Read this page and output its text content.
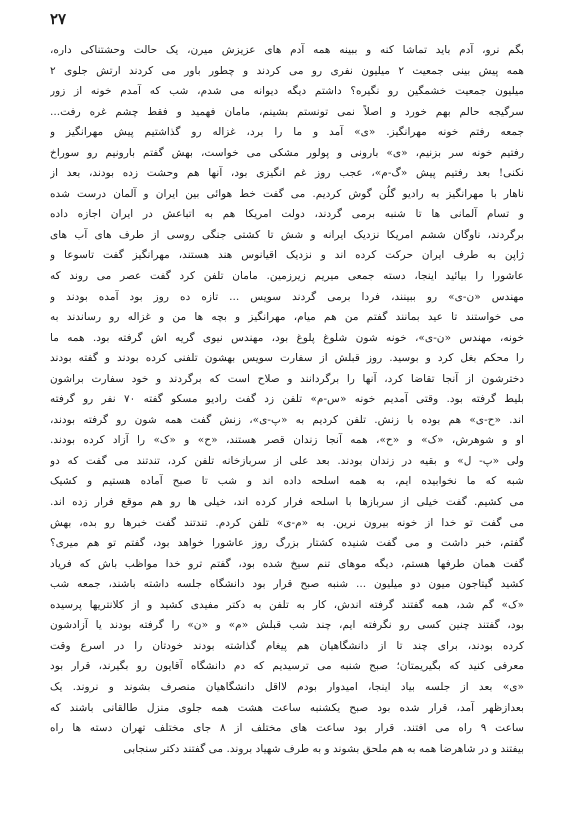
۲۷
بگم نرو، آدم باید تماشا کنه و ببینه همه آدم های عزیزش میرن، یک حالت وحشتناکی داره،
همه پیش بینی جمعیت ۲ میلیون نفری رو می کردند و چطور باور می کردند ارتش جلوی ۲
میلیون جمعیت خشمگین رو نگیره؟ داشتم دیگه دیوانه می شدم، شب که آمدم خونه از زور
سرگیجه حالم بهم خورد و اصلاً نمی تونستم بشینم، مامان فهمید و فقط چشم غره رفت...
جمعه رفتم خونه مهرانگیز. «ی» آمد و ما را برد، غزاله رو گذاشتیم پیش مهرانگیز و
رفتیم خونه سر بزنیم، «ی» بارونی و پولور مشکی می خواست، بهش گفتم بارونیم رو سوراخ
نکنی! بعد رفتیم پیش «گ-م»، عجب روز غم انگیزی بود، آنها هم وحشت زده بودند، بعد از
ناهار با مهرانگیز به رادیو گلُن گوش کردیم. می گفت خط هوائی بین ایران و آلمان درست شده
و تسام آلمانی ها تا شنبه برمی گردند، دولت امریکا هم به اتباعش در ایران اجازه داده
برگردند، ناوگان ششم امریکا نزدیک ایرانه و شش تا کشتی جنگی روسی از طرف های آب های
ژاپن به طرف ایران حرکت کرده اند و نزدیک اقیانوس هند هستند، مهرانگیز گفت تاسوعا و
عاشورا را بیائید اینجا، دسته جمعی میریم زیرزمین. مامان تلفن کرد گفت عصر می روند که
مهندس «ن-ی» رو ببینند، فردا برمی گردند سویس ... تازه ده روز بود آمده بودند و
می خواستند تا عید بمانند گفتم من هم میام، مهرانگیز و بچه ها من و غزاله رو رساندند به
خونه، مهندس «ن-ی»، خونه شون شلوغ پلوغ بود، مهندس نیوی گریه اش گرفته بود. همه ما
را محکم بغل کرد و بوسید. روز قبلش از سفارت سویس بهشون تلفنی کرده بودند و گفته بودند
دخترشون از آنجا تقاضا کرد، آنها را برگردانند و صلاح است که برگردند و خود سفارت براشون
بلیط گرفته بود. وقتی آمدیم خونه «س-م» تلفن زد گفت رادیو مسکو گفته ۷۰ نفر رو گرفته
اند. «ح-ی» هم بوده با زنش. تلفن کردیم به «پ-ی»، زنش گفت همه شون رو گرفته بودند،
او و شوهرش، «ک» و «ح»، همه آنجا زندان قصر هستند، «ح» و «ک» را آزاد کرده بودند.
ولی «پ- ل» و بقیه در زندان بودند. بعد علی از سربازخانه تلفن کرد، تندتند می گفت که دو
شبه که ما نخوابیده ایم، به همه اسلحه داده اند و شب تا صبح آماده هستیم و کشیک
می کشیم. گفت خیلی از سربازها با اسلحه فرار کرده اند، خیلی ها رو هم موقع فرار زده اند.
می گفت تو خدا از خونه بیرون نرین. به «م-ی» تلفن کردم. تندتند گفت خبرها رو بده، بهش
گفتم، خبر داشت و می گفت شنیده کشتار بزرگ روز عاشورا خواهد بود، گفتم تو هم میری؟
گفت همان طرفها هستم، دیگه موهای تنم سیخ شده بود، گفتم ترو خدا مواظب باش که فریاد
کشید گیتاجون میون دو میلیون ... شنبه صبح قرار بود دانشگاه جلسه داشته باشند، جمعه شب
«ک» گم شد، همه گفتند گرفته اندش، کار به تلفن به دکتر مفیدی کشید و از کلانتریها پرسیده
بود، گفتند چنین کسی رو نگرفته ایم، چند شب قبلش «م» و «ن» را گرفته بودند یا آزادشون
کرده بودند، برای چند تا از دانشگاهیان هم پیغام گذاشته بودند خودتان را در اسرع وقت
معرفی کنید که بگیریمتان؛ صبح شنبه می ترسیدیم که دم دانشگاه آقایون رو بگیرند، قرار بود
«ی» بعد از جلسه بیاد اینجا، امیدوار بودم لااقل دانشگاهیان منصرف بشوند و نروند. یک
بعدازظهر آمد، قرار شده بود صبح یکشنبه ساعت هشت همه جلوی منزل طالقانی باشند که
ساعت ۹ راه می افتند. قرار بود ساعت های مختلف از ۸ جای مختلف تهران دسته ها راه
بیفتند و در شاهرضا همه به هم ملحق بشوند و به طرف شهیاد بروند. می گفتند دکتر سنجابی
